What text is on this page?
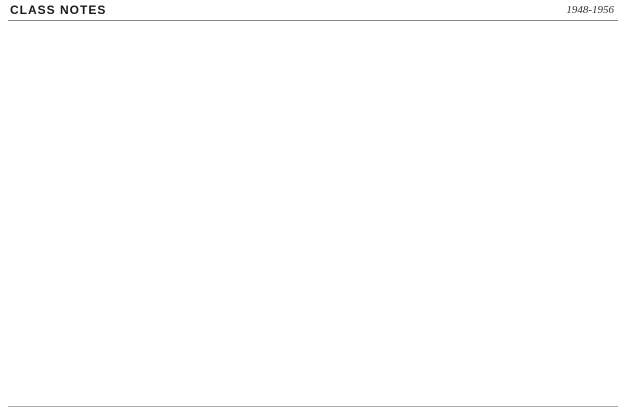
CLASS NOTES	1948-1956
